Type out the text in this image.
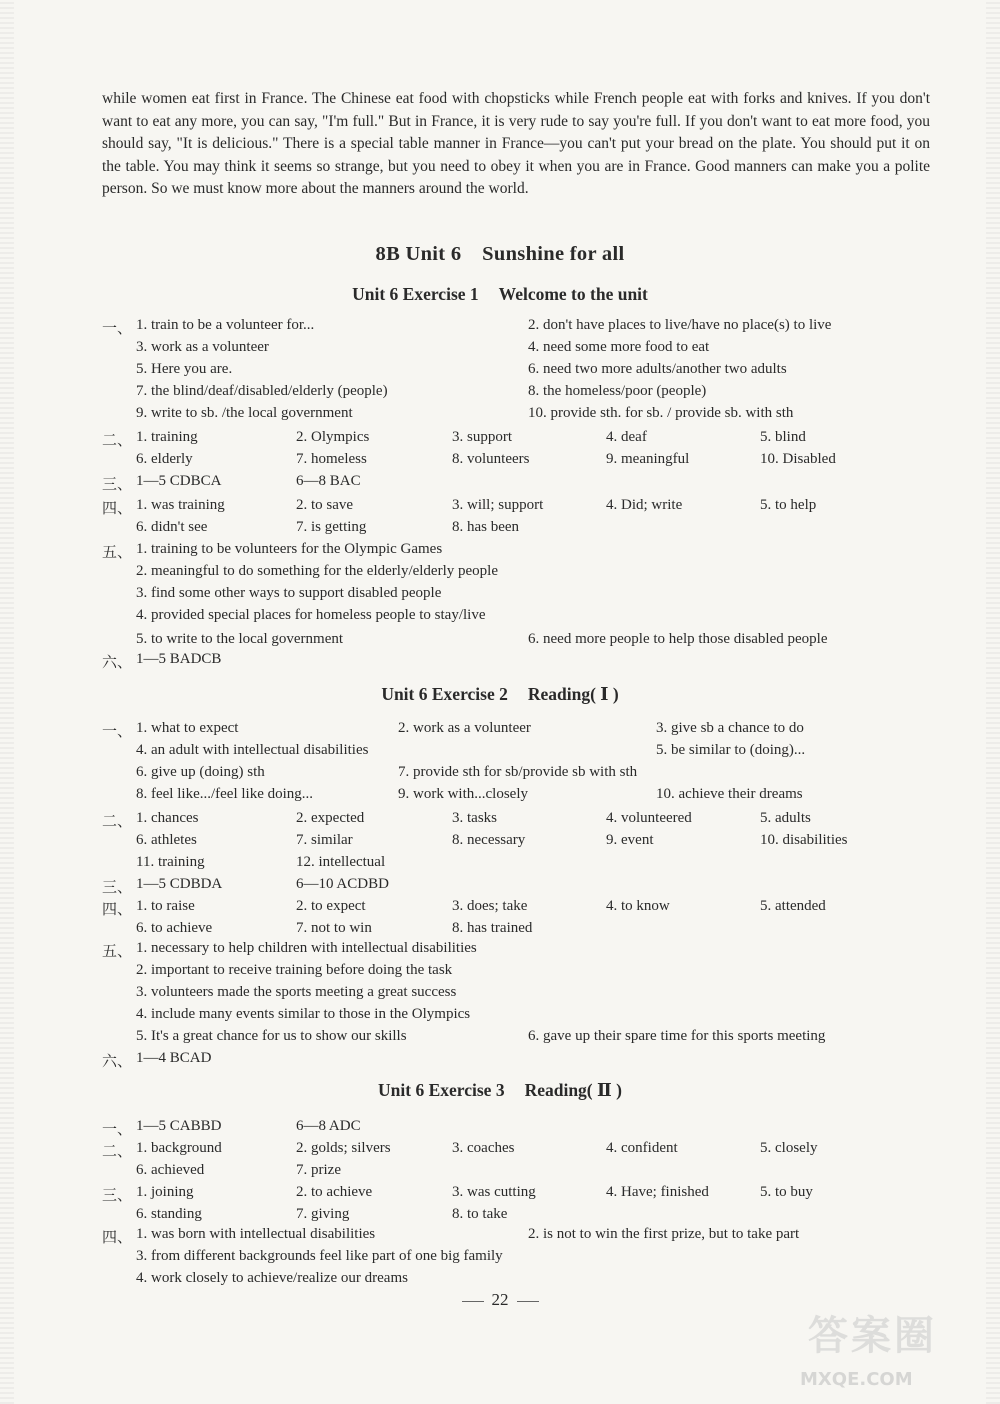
while women eat first in France. The Chinese eat food with chopsticks while French people eat with forks and knives. If you don't want to eat any more, you can say, "I'm full." But in France, it is very rude to say you're full. If you don't want to eat more food, you should say, "It is delicious." There is a special table manner in France—you can't put your bread on the plate. You should put it on the table. You may think it seems so strange, but you need to obey it when you are in France. Good manners can make you a polite person. So we must know more about the manners around the world.

8B Unit 6　Sunshine for all
Unit 6 Exercise 1 Welcome to the unit
一、 1. train to be a volunteer for...	2. don't have places to live/have no place(s) to live
3. work as a volunteer	4. need some more food to eat
5. Here you are.	6. need two more adults/another two adults
7. the blind/deaf/disabled/elderly (people)	8. the homeless/poor (people)
9. write to sb. /the local government	10. provide sth. for sb. / provide sb. with sth
二、 1. training	2. Olympics	3. support	4. deaf	5. blind
6. elderly	7. homeless	8. volunteers	9. meaningful	10. Disabled
三、 1—5 CDBCA	6—8 BAC
四、 1. was training	2. to save	3. will; support	4. Did; write	5. to help
6. didn't see	7. is getting	8. has been
五、 1. training to be volunteers for the Olympic Games
2. meaningful to do something for the elderly/elderly people
3. find some other ways to support disabled people
4. provided special places for homeless people to stay/live
5. to write to the local government	6. need more people to help those disabled people
六、 1—5 BADCB
Unit 6 Exercise 2 Reading( Ⅰ )
一、 1. what to expect	2. work as a volunteer	3. give sb a chance to do
4. an adult with intellectual disabilities	5. be similar to (doing)...
6. give up (doing) sth	7. provide sth for sb/provide sb with sth
8. feel like.../feel like doing...	9. work with...closely	10. achieve their dreams
二、 1. chances	2. expected	3. tasks	4. volunteered	5. adults
6. athletes	7. similar	8. necessary	9. event	10. disabilities
11. training	12. intellectual
三、 1—5 CDBDA	6—10 ACDBD
四、 1. to raise	2. to expect	3. does; take	4. to know	5. attended
6. to achieve	7. not to win	8. has trained
五、 1. necessary to help children with intellectual disabilities
2. important to receive training before doing the task
3. volunteers made the sports meeting a great success
4. include many events similar to those in the Olympics
5. It's a great chance for us to show our skills	6. gave up their spare time for this sports meeting
六、 1—4 BCAD
Unit 6 Exercise 3 Reading( Ⅱ )
一、 1—5 CABBD	6—8 ADC
二、 1. background	2. golds; silvers	3. coaches	4. confident	5. closely
6. achieved	7. prize
三、 1. joining	2. to achieve	3. was cutting	4. Have; finished	5. to buy
6. standing	7. giving	8. to take
四、 1. was born with intellectual disabilities	2. is not to win the first prize, but to take part
3. from different backgrounds feel like part of one big family
4. work closely to achieve/realize our dreams
22
答案圈
MXQE.COM
